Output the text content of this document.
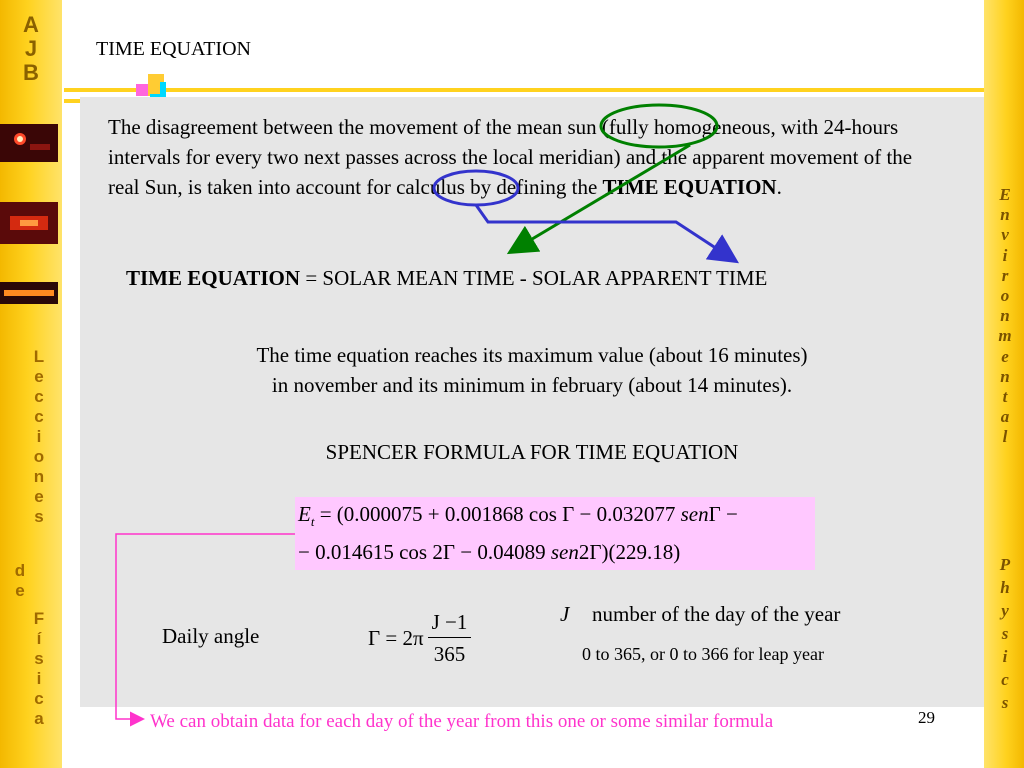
A
J
B
L
e
c
c
i
o
n
e
s
d
e
F
í
s
i
c
a
E
n
v
i
r
o
n
m
e
n
t
a
l
P
h
y
s
i
c
s
TIME EQUATION
The disagreement between the movement of the mean sun (fully homogeneous, with 24-hours intervals for every two next passes across the local meridian) and the apparent movement of the real Sun, is taken into account for calculus by defining the TIME EQUATION.
TIME EQUATION = SOLAR MEAN TIME - SOLAR APPARENT TIME
The time equation reaches its maximum value (about 16 minutes)
in november and its minimum in february (about 14 minutes).
SPENCER FORMULA FOR TIME EQUATION
$E_t = (0.000075 + 0.001868$ cos Γ − 0.032077 senΓ −
− 0.014615 cos 2Γ − 0.04089 sen2Γ)(229.18)
Daily angle	$\Gamma = 2\pi \frac{J -1}{365}$	J number of the day of the year
0 to 365, or 0 to 366 for leap year
29
We can obtain data for each day of the year from this one or some similar formula
